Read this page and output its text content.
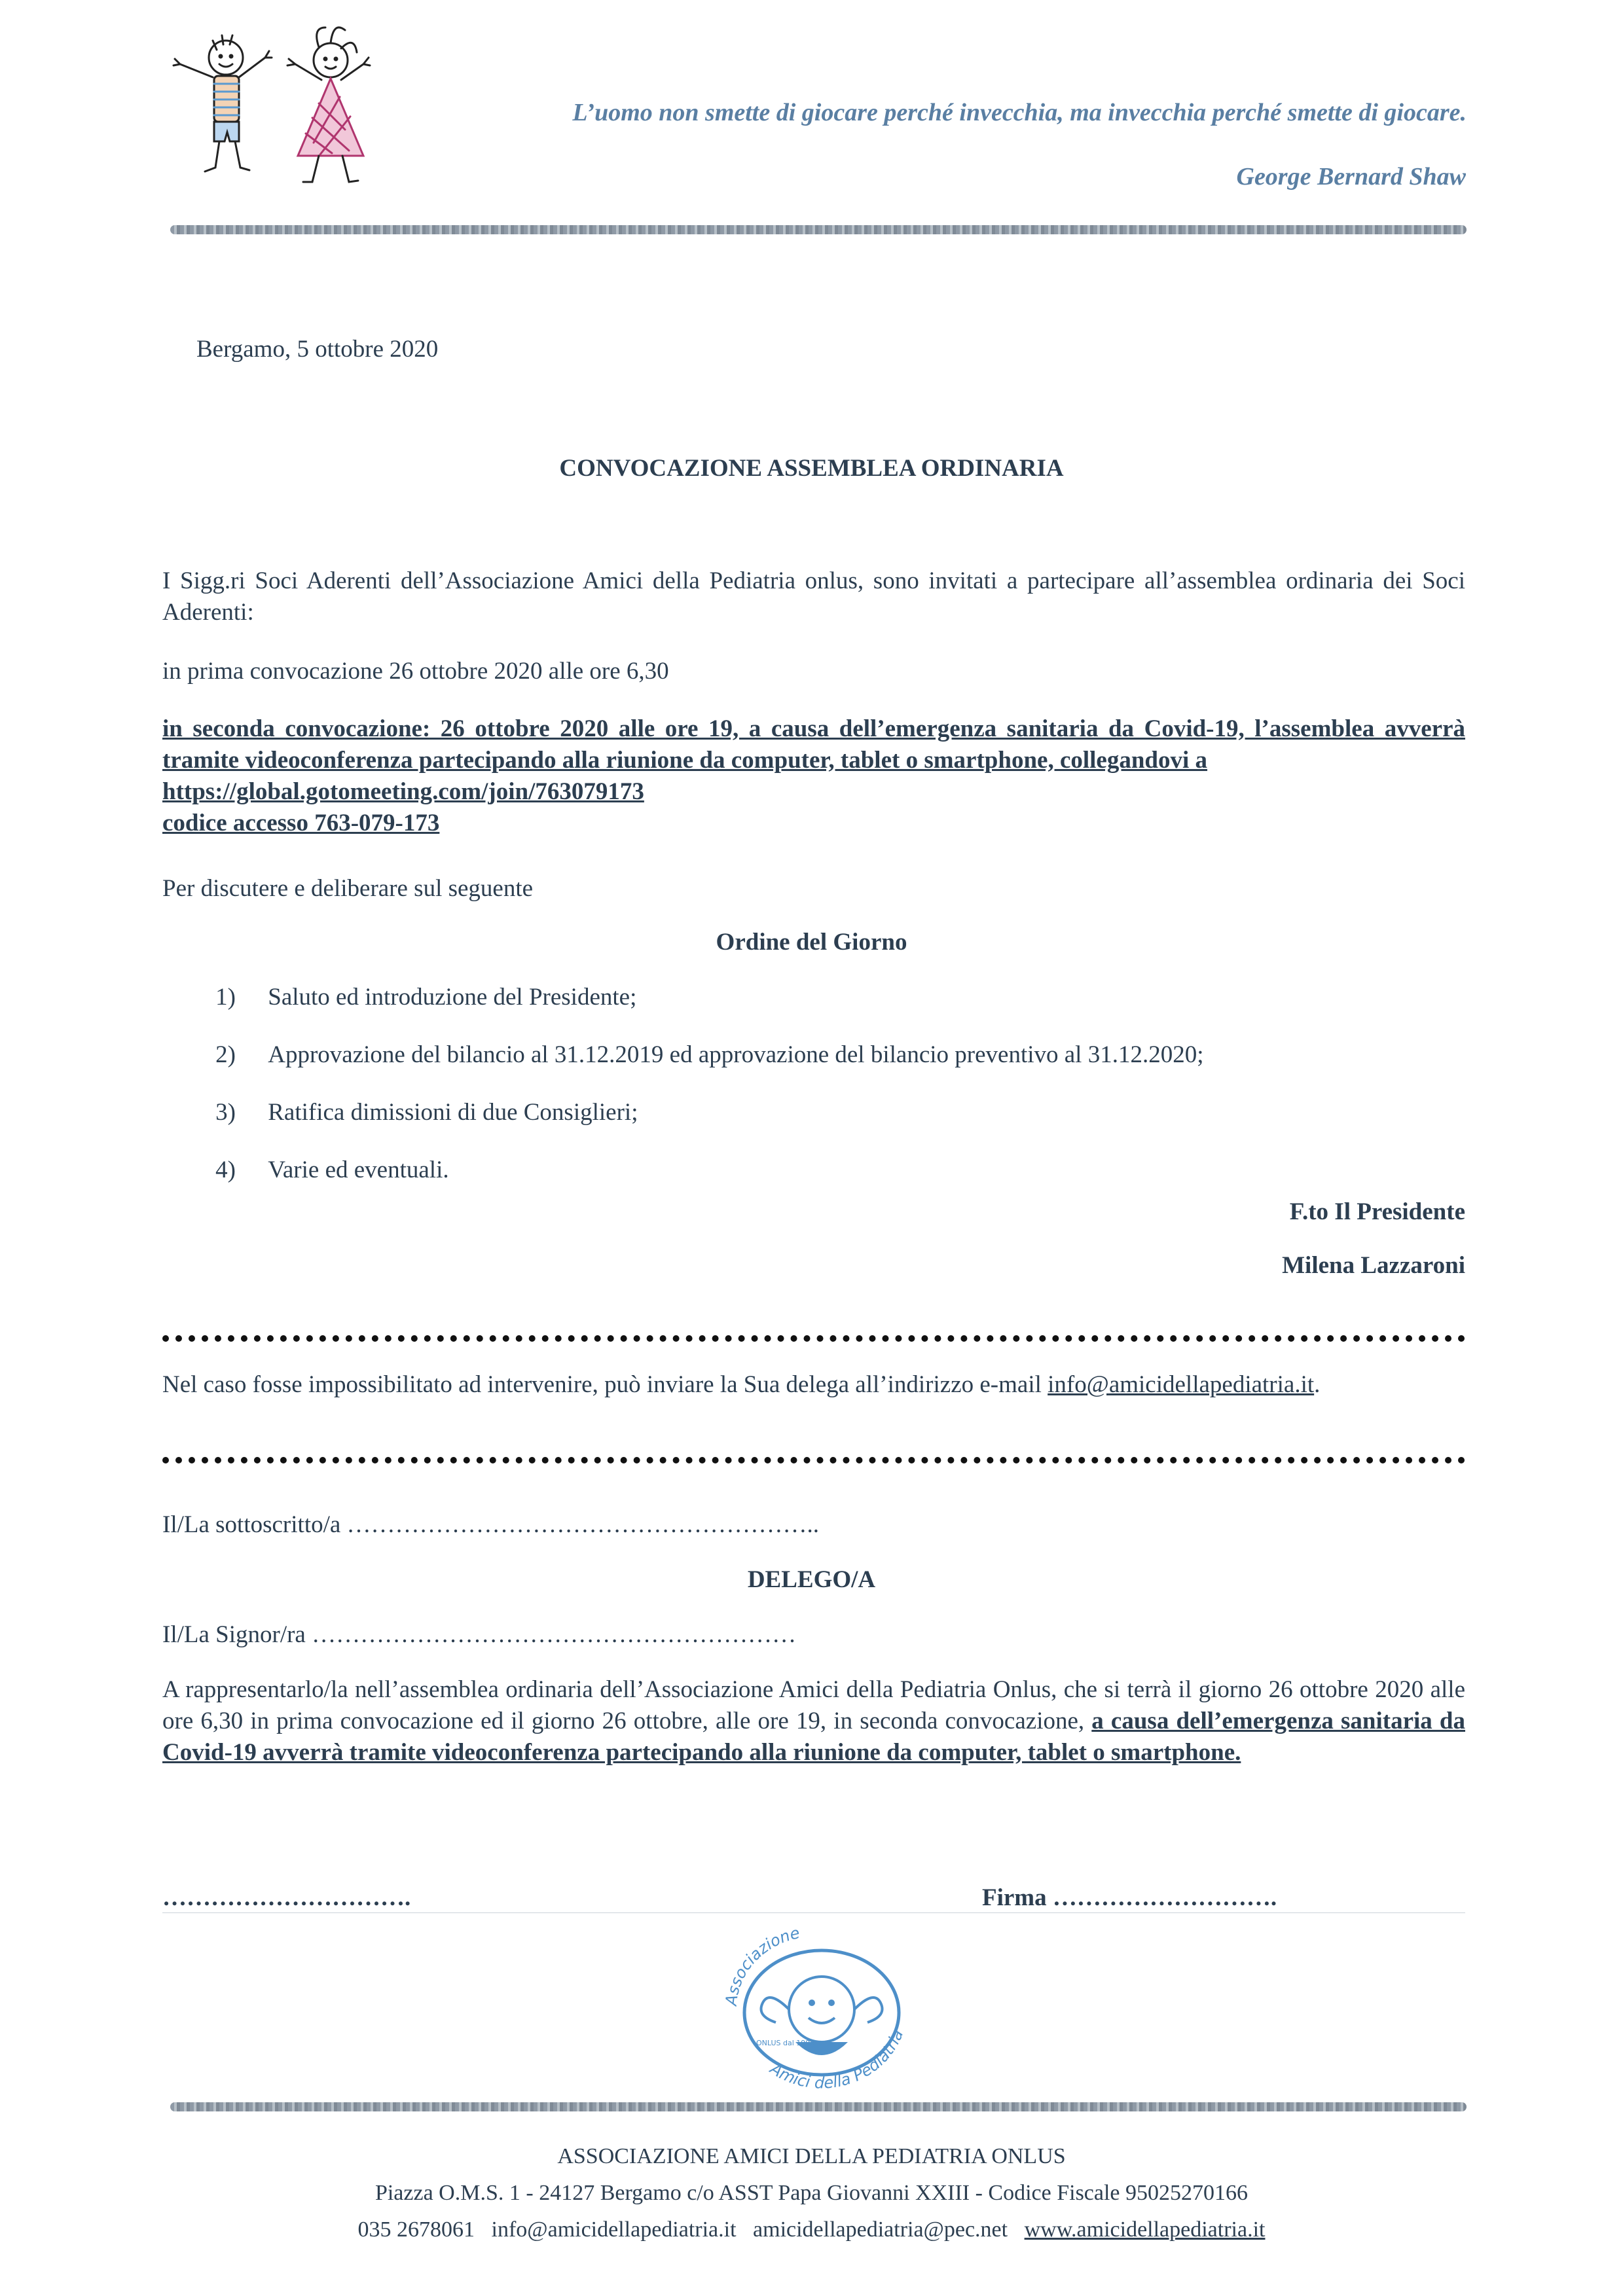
L’uomo non smette di giocare perché invecchia, ma invecchia perché smette di giocare.
George Bernard Shaw
Bergamo, 5 ottobre 2020
CONVOCAZIONE ASSEMBLEA ORDINARIA
I Sigg.ri Soci Aderenti dell’Associazione Amici della Pediatria onlus, sono invitati a partecipare all’assemblea ordinaria dei Soci Aderenti:
in prima convocazione 26 ottobre 2020 alle ore 6,30
in seconda convocazione: 26 ottobre 2020 alle ore 19, a causa dell’emergenza sanitaria da Covid-19, l’assemblea avverrà tramite videoconferenza partecipando alla riunione da computer, tablet o smartphone, collegandovi a
https://global.gotomeeting.com/join/763079173
codice accesso 763-079-173
Per discutere e deliberare sul seguente
Ordine del Giorno
1) Saluto ed introduzione del Presidente;
2) Approvazione del bilancio al 31.12.2019 ed approvazione del bilancio preventivo al 31.12.2020;
3) Ratifica dimissioni di due Consiglieri;
4) Varie ed eventuali.
F.to Il Presidente
Milena Lazzaroni
Nel caso fosse impossibilitato ad intervenire, può inviare la Sua delega all’indirizzo e-mail info@amicidellapediatria.it.
Il/La sottoscritto/a …………………………………………………..
DELEGO/A
Il/La Signor/ra ……………………………………………………
A rappresentarlo/la nell’assemblea ordinaria dell’Associazione Amici della Pediatria Onlus, che si terrà il giorno 26 ottobre 2020 alle ore 6,30 in prima convocazione ed il giorno 26 ottobre, alle ore 19, in seconda convocazione, a causa dell’emergenza sanitaria da Covid-19 avverrà tramite videoconferenza partecipando alla riunione da computer, tablet o smartphone.
………………………….	Firma ……………………….
Associazione
Amici della Pediatria
ONLUS dal 1998
ASSOCIAZIONE AMICI DELLA PEDIATRIA ONLUS
Piazza O.M.S. 1 - 24127 Bergamo c/o ASST Papa Giovanni XXIII - Codice Fiscale 95025270166
035 2678061 info@amicidellapediatria.it amicidellapediatria@pec.net www.amicidellapediatria.it
